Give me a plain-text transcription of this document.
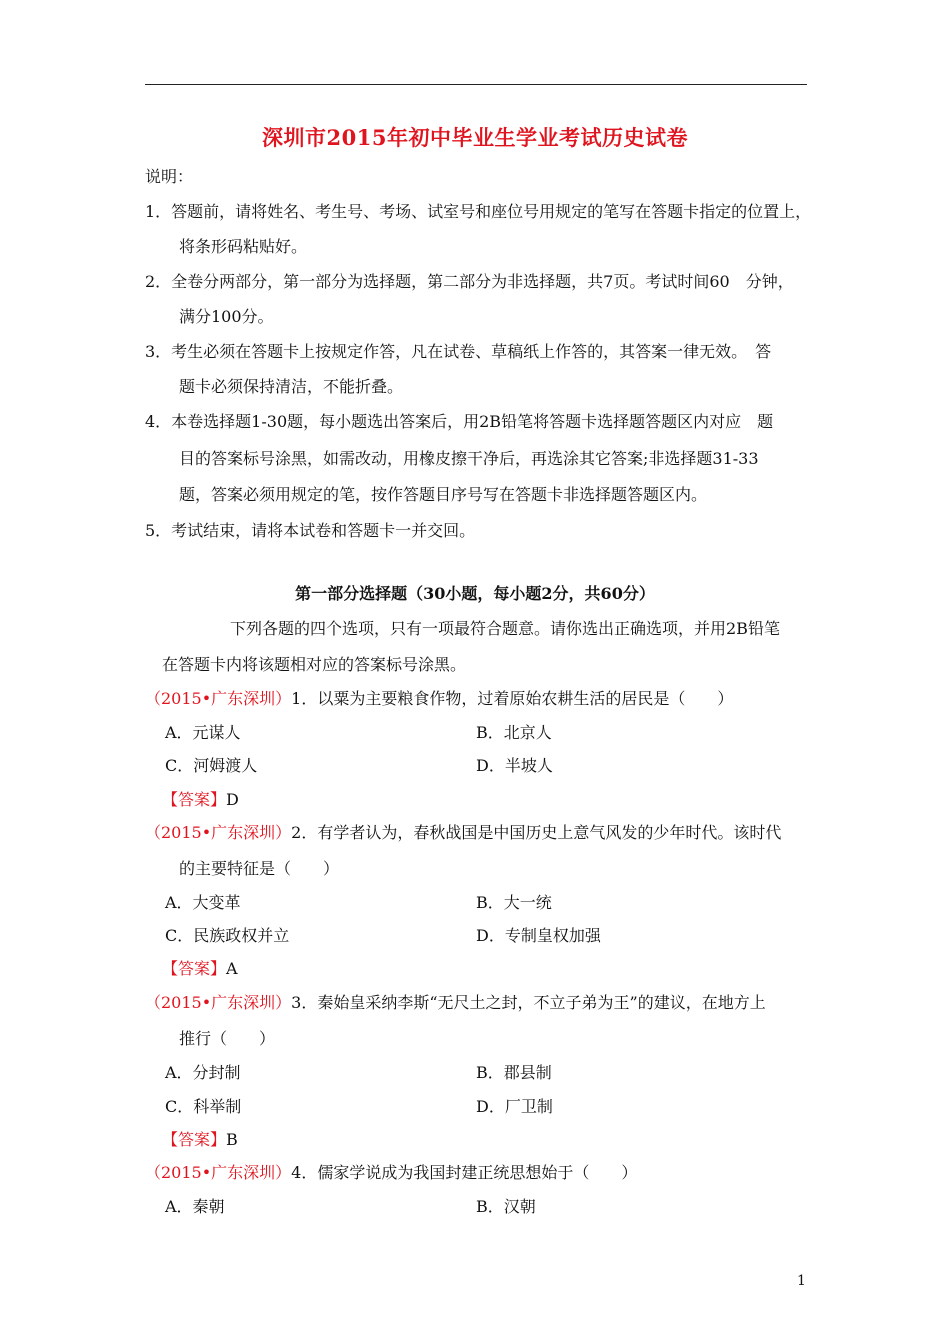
深圳市2015年初中毕业生学业考试历史试卷
说明：
1．答题前，请将姓名、考生号、考场、试室号和座位号用规定的笔写在答题卡指定的位置上，
将条形码粘贴好。
2．全卷分两部分，第一部分为选择题，第二部分为非选择题，共7页。考试时间60　分钟，
满分100分。
3．考生必须在答题卡上按规定作答，凡在试卷、草稿纸上作答的，其答案一律无效。　答
题卡必须保持清洁，不能折叠。
4．本卷选择题1-30题，每小题选出答案后，用2B铅笔将答题卡选择题答题区内对应　题
目的答案标号涂黑，如需改动，用橡皮擦干净后，再选涂其它答案;非选择题31-33
题，答案必须用规定的笔，按作答题目序号写在答题卡非选择题答题区内。
5．考试结束，请将本试卷和答题卡一并交回。
第一部分选择题（30小题，每小题2分，共60分）
下列各题的四个选项，只有一项最符合题意。请你选出正确选项，并用2B铅笔
在答题卡内将该题相对应的答案标号涂黑。
（2015•广东深圳）1．以粟为主要粮食作物，过着原始农耕生活的居民是（　　）
A．元谋人	B．北京人
C．河姆渡人	D．半坡人
【答案】D
（2015•广东深圳）2．有学者认为，春秋战国是中国历史上意气风发的少年时代。该时代
的主要特征是（　　）
A．大变革	B．大一统
C．民族政权并立	D．专制皇权加强
【答案】A
（2015•广东深圳）3．秦始皇采纳李斯“无尺土之封，不立子弟为王”的建议，在地方上
推行（　　）
A．分封制	B．郡县制
C．科举制	D．厂卫制
【答案】B
（2015•广东深圳）4．儒家学说成为我国封建正统思想始于（　　）
A．秦朝	B．汉朝
1
